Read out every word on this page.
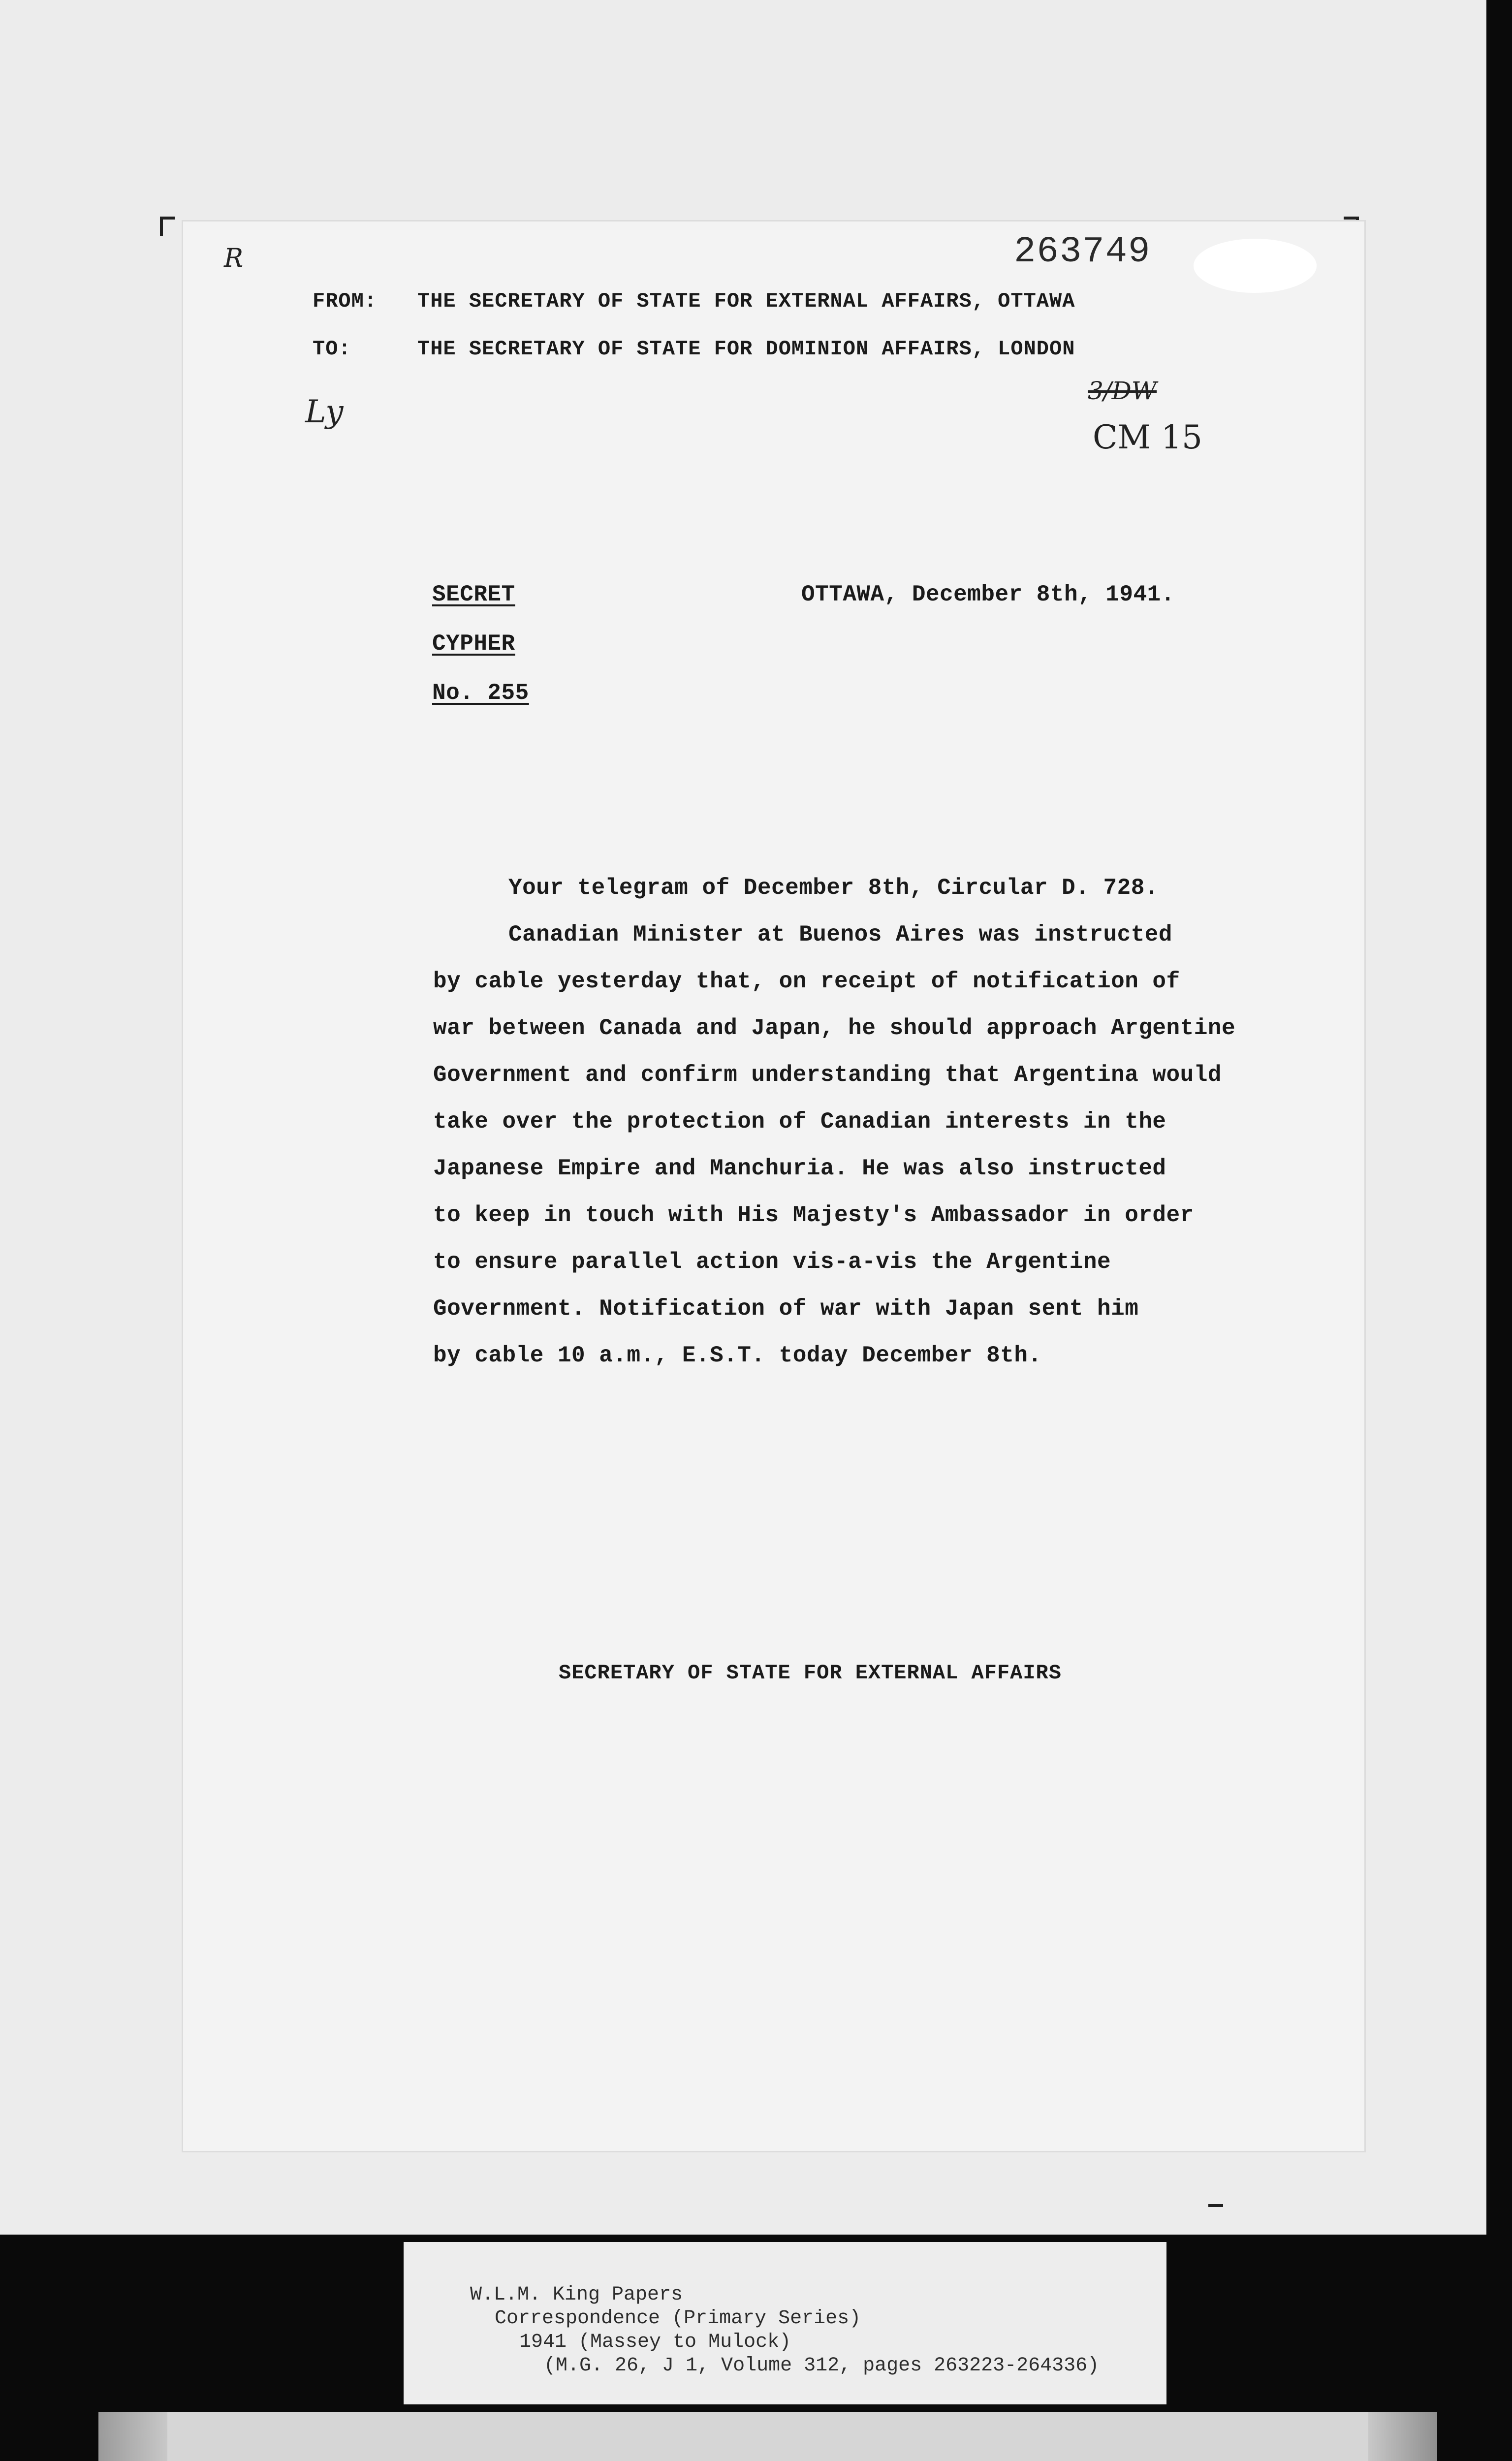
263749
R
FROM: THE SECRETARY OF STATE FOR EXTERNAL AFFAIRS, OTTAWA
TO:	THE SECRETARY OF STATE FOR DOMINION AFFAIRS, LONDON
Ly
3/DW
CM 15
SECRET
CYPHER
No. 255
OTTAWA, December 8th, 1941.
Your telegram of December 8th, Circular D. 728.
Canadian Minister at Buenos Aires was instructed
by cable yesterday that, on receipt of notification of
war between Canada and Japan, he should approach Argentine
Government and confirm understanding that Argentina would
take over the protection of Canadian interests in the
Japanese Empire and Manchuria. He was also instructed
to keep in touch with His Majesty's Ambassador in order
to ensure parallel action vis-a-vis the Argentine
Government. Notification of war with Japan sent him
by cable 10 a.m., E.S.T. today December 8th.
SECRETARY OF STATE FOR EXTERNAL AFFAIRS
W.L.M. King Papers
Correspondence (Primary Series)
1941 (Massey to Mulock)
(M.G. 26, J 1, Volume 312, pages 263223-264336)
